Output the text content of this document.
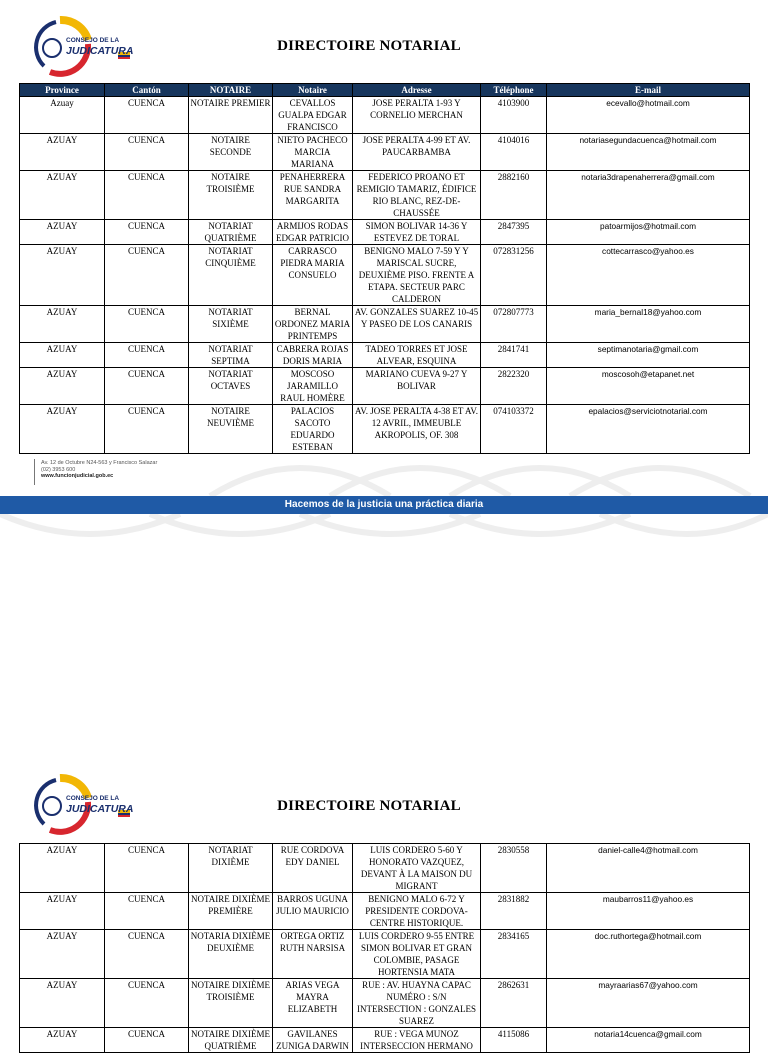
CONSEJO DE LA
JUDICATURA	DIRECTOIRE NOTARIAL
Province	Cantón	NOTAIRE	Notaire	Adresse	Téléphone	E-mail
Azuay	CUENCA	NOTAIRE PREMIER	CEVALLOS GUALPA EDGAR FRANCISCO	JOSE PERALTA 1-93 Y CORNELIO MERCHAN	4103900	ecevallo@hotmail.com
AZUAY	CUENCA	NOTAIRE SECONDE	NIETO PACHECO MARCIA MARIANA	JOSE PERALTA 4-99 ET AV. PAUCARBAMBA	4104016	notariasegundacuenca@hotmail.com
AZUAY	CUENCA	NOTAIRE TROISIÈME	PENAHERRERA RUE SANDRA MARGARITA	FEDERICO PROANO ET REMIGIO TAMARIZ, ÉDIFICE RIO BLANC, REZ-DE-CHAUSSÉE	2882160	notaria3drapenaherrera@gmail.com
AZUAY	CUENCA	NOTARIAT QUATRIÈME	ARMIJOS RODAS EDGAR PATRICIO	SIMON BOLIVAR 14-36 Y ESTEVEZ DE TORAL	2847395	patoarmijos@hotmail.com
AZUAY	CUENCA	NOTARIAT CINQUIÈME	CARRASCO PIEDRA MARIA CONSUELO	BENIGNO MALO 7-59 Y Y MARISCAL SUCRE, DEUXIÈME PISO. FRENTE A ETAPA. SECTEUR PARC CALDERON	072831256	cottecarrasco@yahoo.es
AZUAY	CUENCA	NOTARIAT SIXIÈME	BERNAL ORDONEZ MARIA PRINTEMPS	AV. GONZALES SUAREZ 10-45 Y PASEO DE LOS CANARIS	072807773	maria_bernal18@yahoo.com
AZUAY	CUENCA	NOTARIAT SEPTIMA	CABRERA ROJAS DORIS MARIA	TADEO TORRES ET JOSE ALVEAR, ESQUINA	2841741	septimanotaria@gmail.com
AZUAY	CUENCA	NOTARIAT OCTAVES	MOSCOSO JARAMILLO RAUL HOMÈRE	MARIANO CUEVA 9-27 Y BOLIVAR	2822320	moscosoh@etapanet.net
AZUAY	CUENCA	NOTAIRE NEUVIÈME	PALACIOS SACOTO EDUARDO ESTEBAN	AV. JOSE PERALTA 4-38 ET AV. 12 AVRIL, IMMEUBLE AKROPOLIS, OF. 308	074103372	epalacios@serviciotnotarial.com
Av. 12 de Octubre N24-563 y Francisco Salazar
(02) 3953 600
www.funcionjudicial.gob.ec
Hacemos de la justicia una práctica diaria
CONSEJO DE LA
JUDICATURA	DIRECTOIRE NOTARIAL
AZUAY	CUENCA	NOTARIAT DIXIÈME	RUE CORDOVA EDY DANIEL	LUIS CORDERO 5-60 Y HONORATO VAZQUEZ, DEVANT À LA MAISON DU MIGRANT	2830558	daniel-calle4@hotmail.com
AZUAY	CUENCA	NOTAIRE DIXIÈME PREMIÈRE	BARROS UGUNA JULIO MAURICIO	BENIGNO MALO 6-72 Y PRESIDENTE CORDOVA-CENTRE HISTORIQUE.	2831882	maubarros11@yahoo.es
AZUAY	CUENCA	NOTARIA DIXIÈME DEUXIÈME	ORTEGA ORTIZ RUTH NARSISA	LUIS CORDERO 9-55 ENTRE SIMON BOLIVAR ET GRAN COLOMBIE, PASAGE HORTENSIA MATA	2834165	doc.ruthortega@hotmail.com
AZUAY	CUENCA	NOTAIRE DIXIÈME TROISIÈME	ARIAS VEGA MAYRA ELIZABETH	RUE : AV. HUAYNA CAPAC NUMÉRO : S/N INTERSECTION : GONZALES SUAREZ	2862631	mayraarias67@yahoo.com
AZUAY	CUENCA	NOTAIRE DIXIÈME QUATRIÈME	GAVILANES ZUNIGA DARWIN	RUE : VEGA MUNOZ INTERSECCION HERMANO	4115086	notaria14cuenca@gmail.com
